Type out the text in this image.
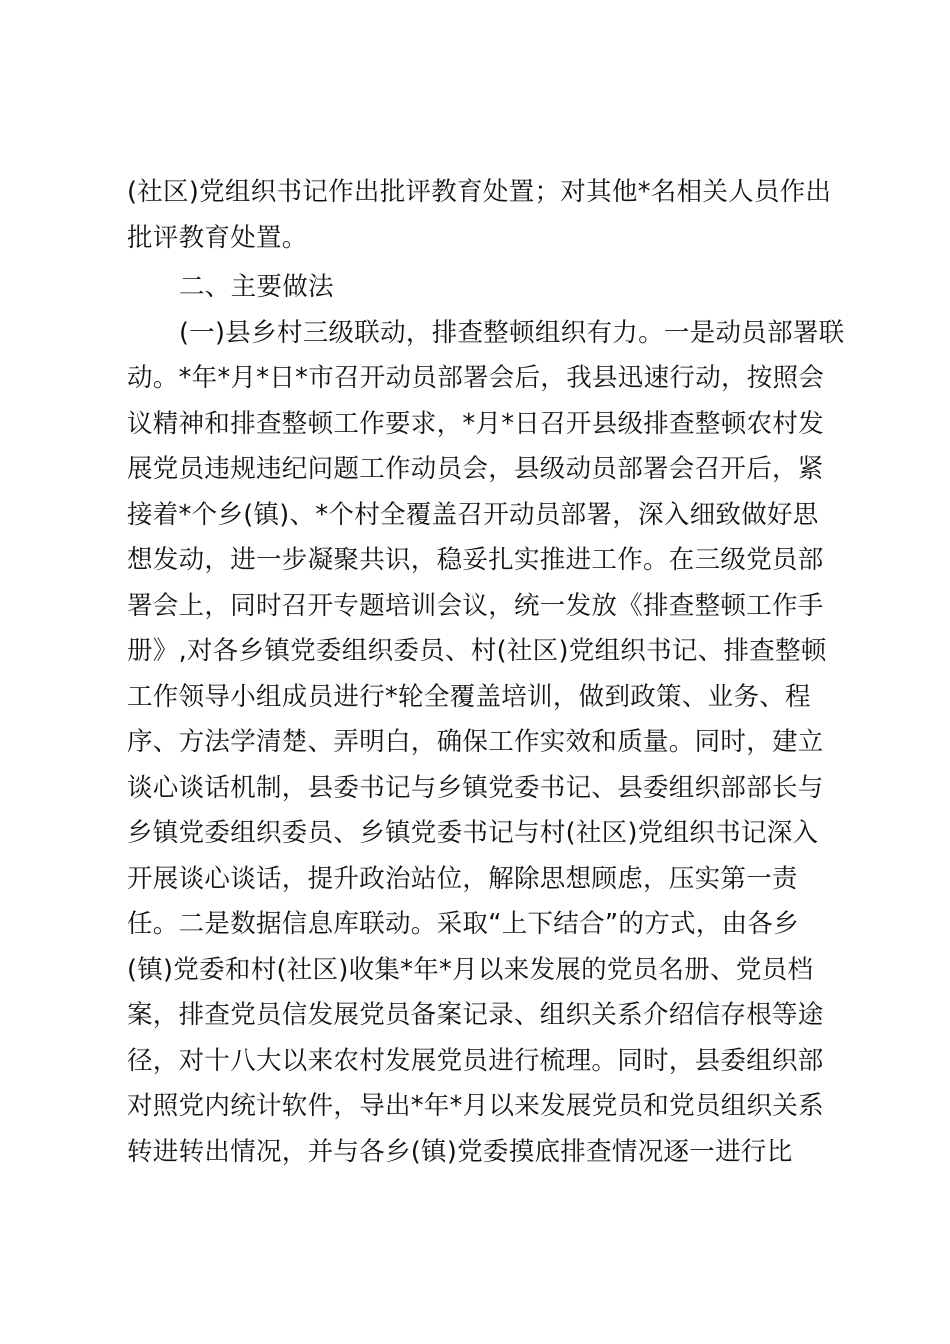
(社区)党组织书记作出批评教育处置；对其他*名相关人员作出
批评教育处置。
二、主要做法
(一)县乡村三级联动，排查整顿组织有力。一是动员部署联
动。*年*月*日*市召开动员部署会后，我县迅速行动，按照会
议精神和排查整顿工作要求，*月*日召开县级排查整顿农村发
展党员违规违纪问题工作动员会，县级动员部署会召开后，紧
接着*个乡(镇)、*个村全覆盖召开动员部署，深入细致做好思
想发动，进一步凝聚共识，稳妥扎实推进工作。在三级党员部
署会上，同时召开专题培训会议，统一发放《排查整顿工作手
册》,对各乡镇党委组织委员、村(社区)党组织书记、排查整顿
工作领导小组成员进行*轮全覆盖培训，做到政策、业务、程
序、方法学清楚、弄明白，确保工作实效和质量。同时，建立
谈心谈话机制，县委书记与乡镇党委书记、县委组织部部长与
乡镇党委组织委员、乡镇党委书记与村(社区)党组织书记深入
开展谈心谈话，提升政治站位，解除思想顾虑，压实第一责
任。二是数据信息库联动。采取“上下结合”的方式，由各乡
(镇)党委和村(社区)收集*年*月以来发展的党员名册、党员档
案，排查党员信发展党员备案记录、组织关系介绍信存根等途
径，对十八大以来农村发展党员进行梳理。同时，县委组织部
对照党内统计软件，导出*年*月以来发展党员和党员组织关系
转进转出情况，并与各乡(镇)党委摸底排查情况逐一进行比
